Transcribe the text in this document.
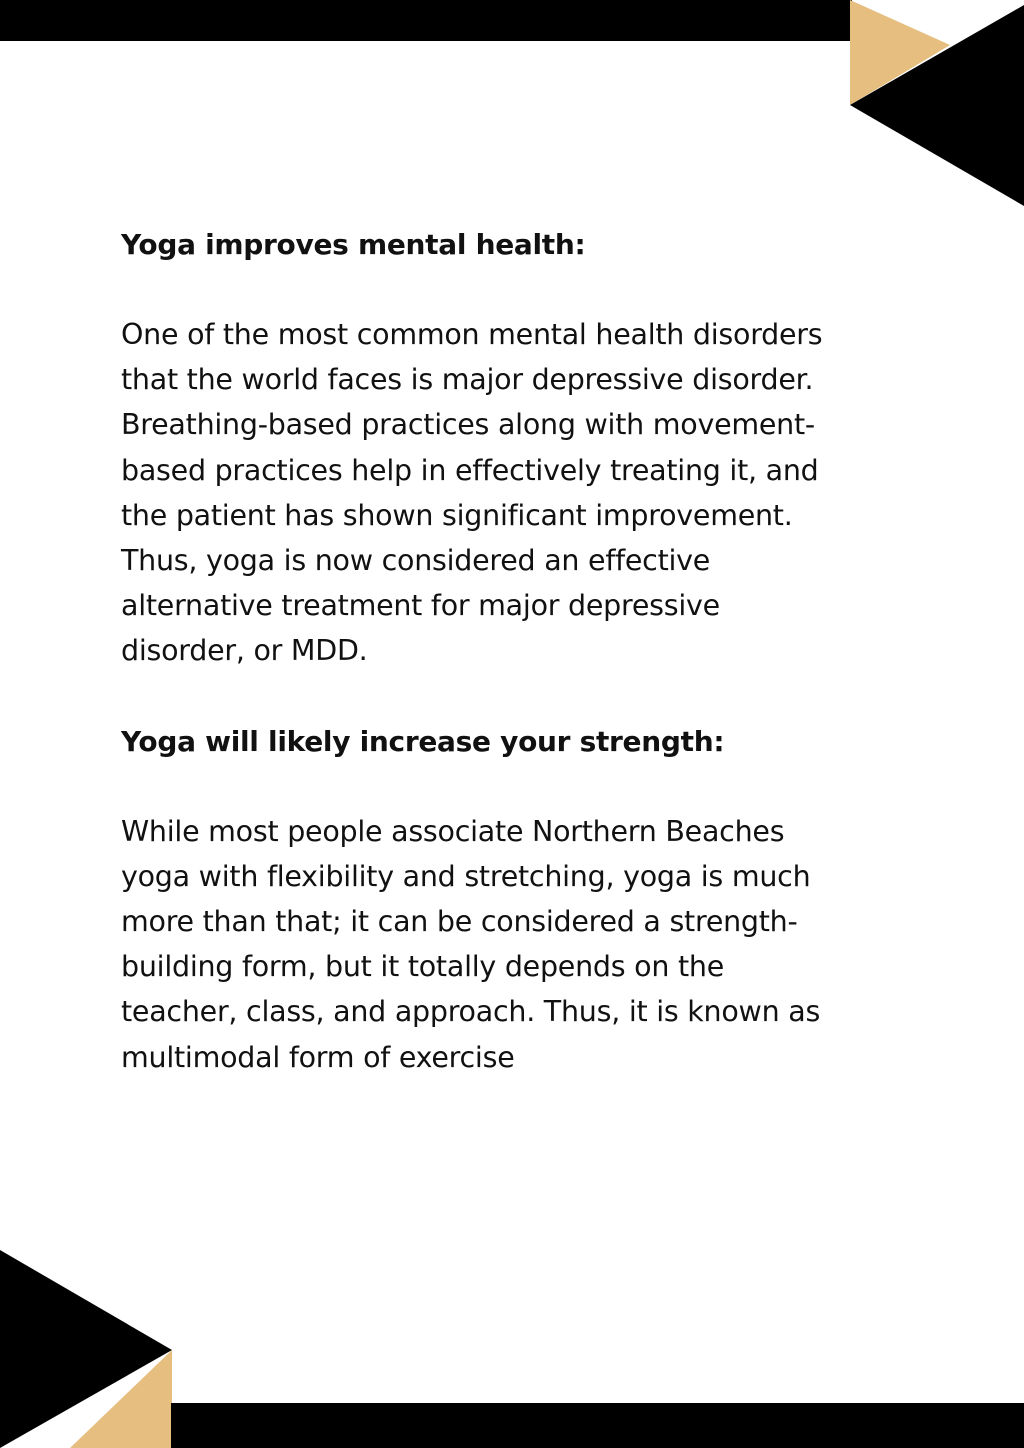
Yoga improves mental health:

One of the most common mental health disorders
that the world faces is major depressive disorder.
Breathing-based practices along with movement-
based practices help in effectively treating it, and
the patient has shown significant improvement.
Thus, yoga is now considered an effective
alternative treatment for major depressive
disorder, or MDD.

Yoga will likely increase your strength:

While most people associate Northern Beaches
yoga with flexibility and stretching, yoga is much
more than that; it can be considered a strength-
building form, but it totally depends on the
teacher, class, and approach. Thus, it is known as
multimodal form of exercise
